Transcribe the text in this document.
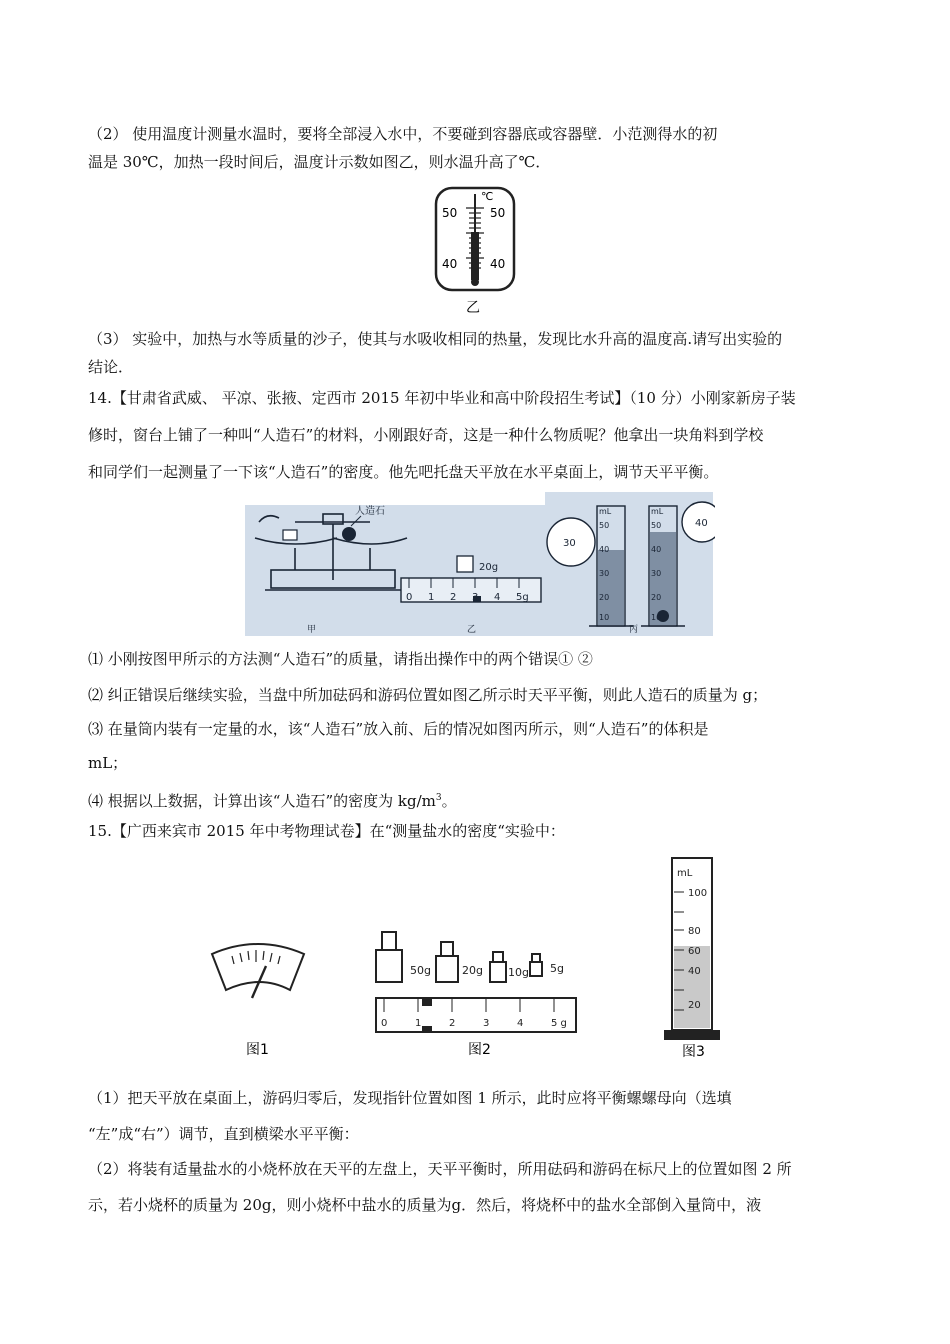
（2） 使用温度计测量水温时，要将全部浸入水中，不要碰到容器底或容器壁．小范测得水的初
温是 30℃，加热一段时间后，温度计示数如图乙，则水温升高了℃．
℃
50	50
40	40
乙
（3） 实验中，加热与水等质量的沙子，使其与水吸收相同的热量，发现比水升高的温度高.请写出实验的
结论．
14.【甘肃省武威、 平凉、张掖、定西市 2015 年初中毕业和高中阶段招生考试】（10 分）小刚家新房子装
修时，窗台上铺了一种叫“人造石”的材料，小刚跟好奇，这是一种什么物质呢？他拿出一块角料到学校
和同学们一起测量了一下该“人造石”的密度。他先吧托盘天平放在水平桌面上，调节天平平衡。
人造石
0 1 2 3 4 5g
20g
mL
50
40
30
20
10
mL
50
40
30
20
10
30
40
甲	乙	丙
⑴ 小刚按图甲所示的方法测“人造石”的质量，请指出操作中的两个错误① ②
⑵ 纠正错误后继续实验，当盘中所加砝码和游码位置如图乙所示时天平平衡，则此人造石的质量为 g；
⑶ 在量筒内装有一定量的水，该“人造石”放入前、后的情况如图丙所示，则“人造石”的体积是
mL；
⑷ 根据以上数据，计算出该“人造石”的密度为 $kg/m^3$。
15.【广西来宾市 2015 年中考物理试卷】在“测量盐水的密度“实验中：
图1
50g	20g 10g 5g
0	1	2	3	4	5 g
图2
mL
100
80
60
40
20
图3
（1）把天平放在桌面上，游码归零后，发现指针位置如图 1 所示，此时应将平衡螺螺母向（选填
“左”成“右”）调节，直到横梁水平平衡：
（2）将装有适量盐水的小烧杯放在天平的左盘上，天平平衡时，所用砝码和游码在标尺上的位置如图 2 所
示，若小烧杯的质量为 20g，则小烧杯中盐水的质量为g．然后，将烧杯中的盐水全部倒入量筒中，液
